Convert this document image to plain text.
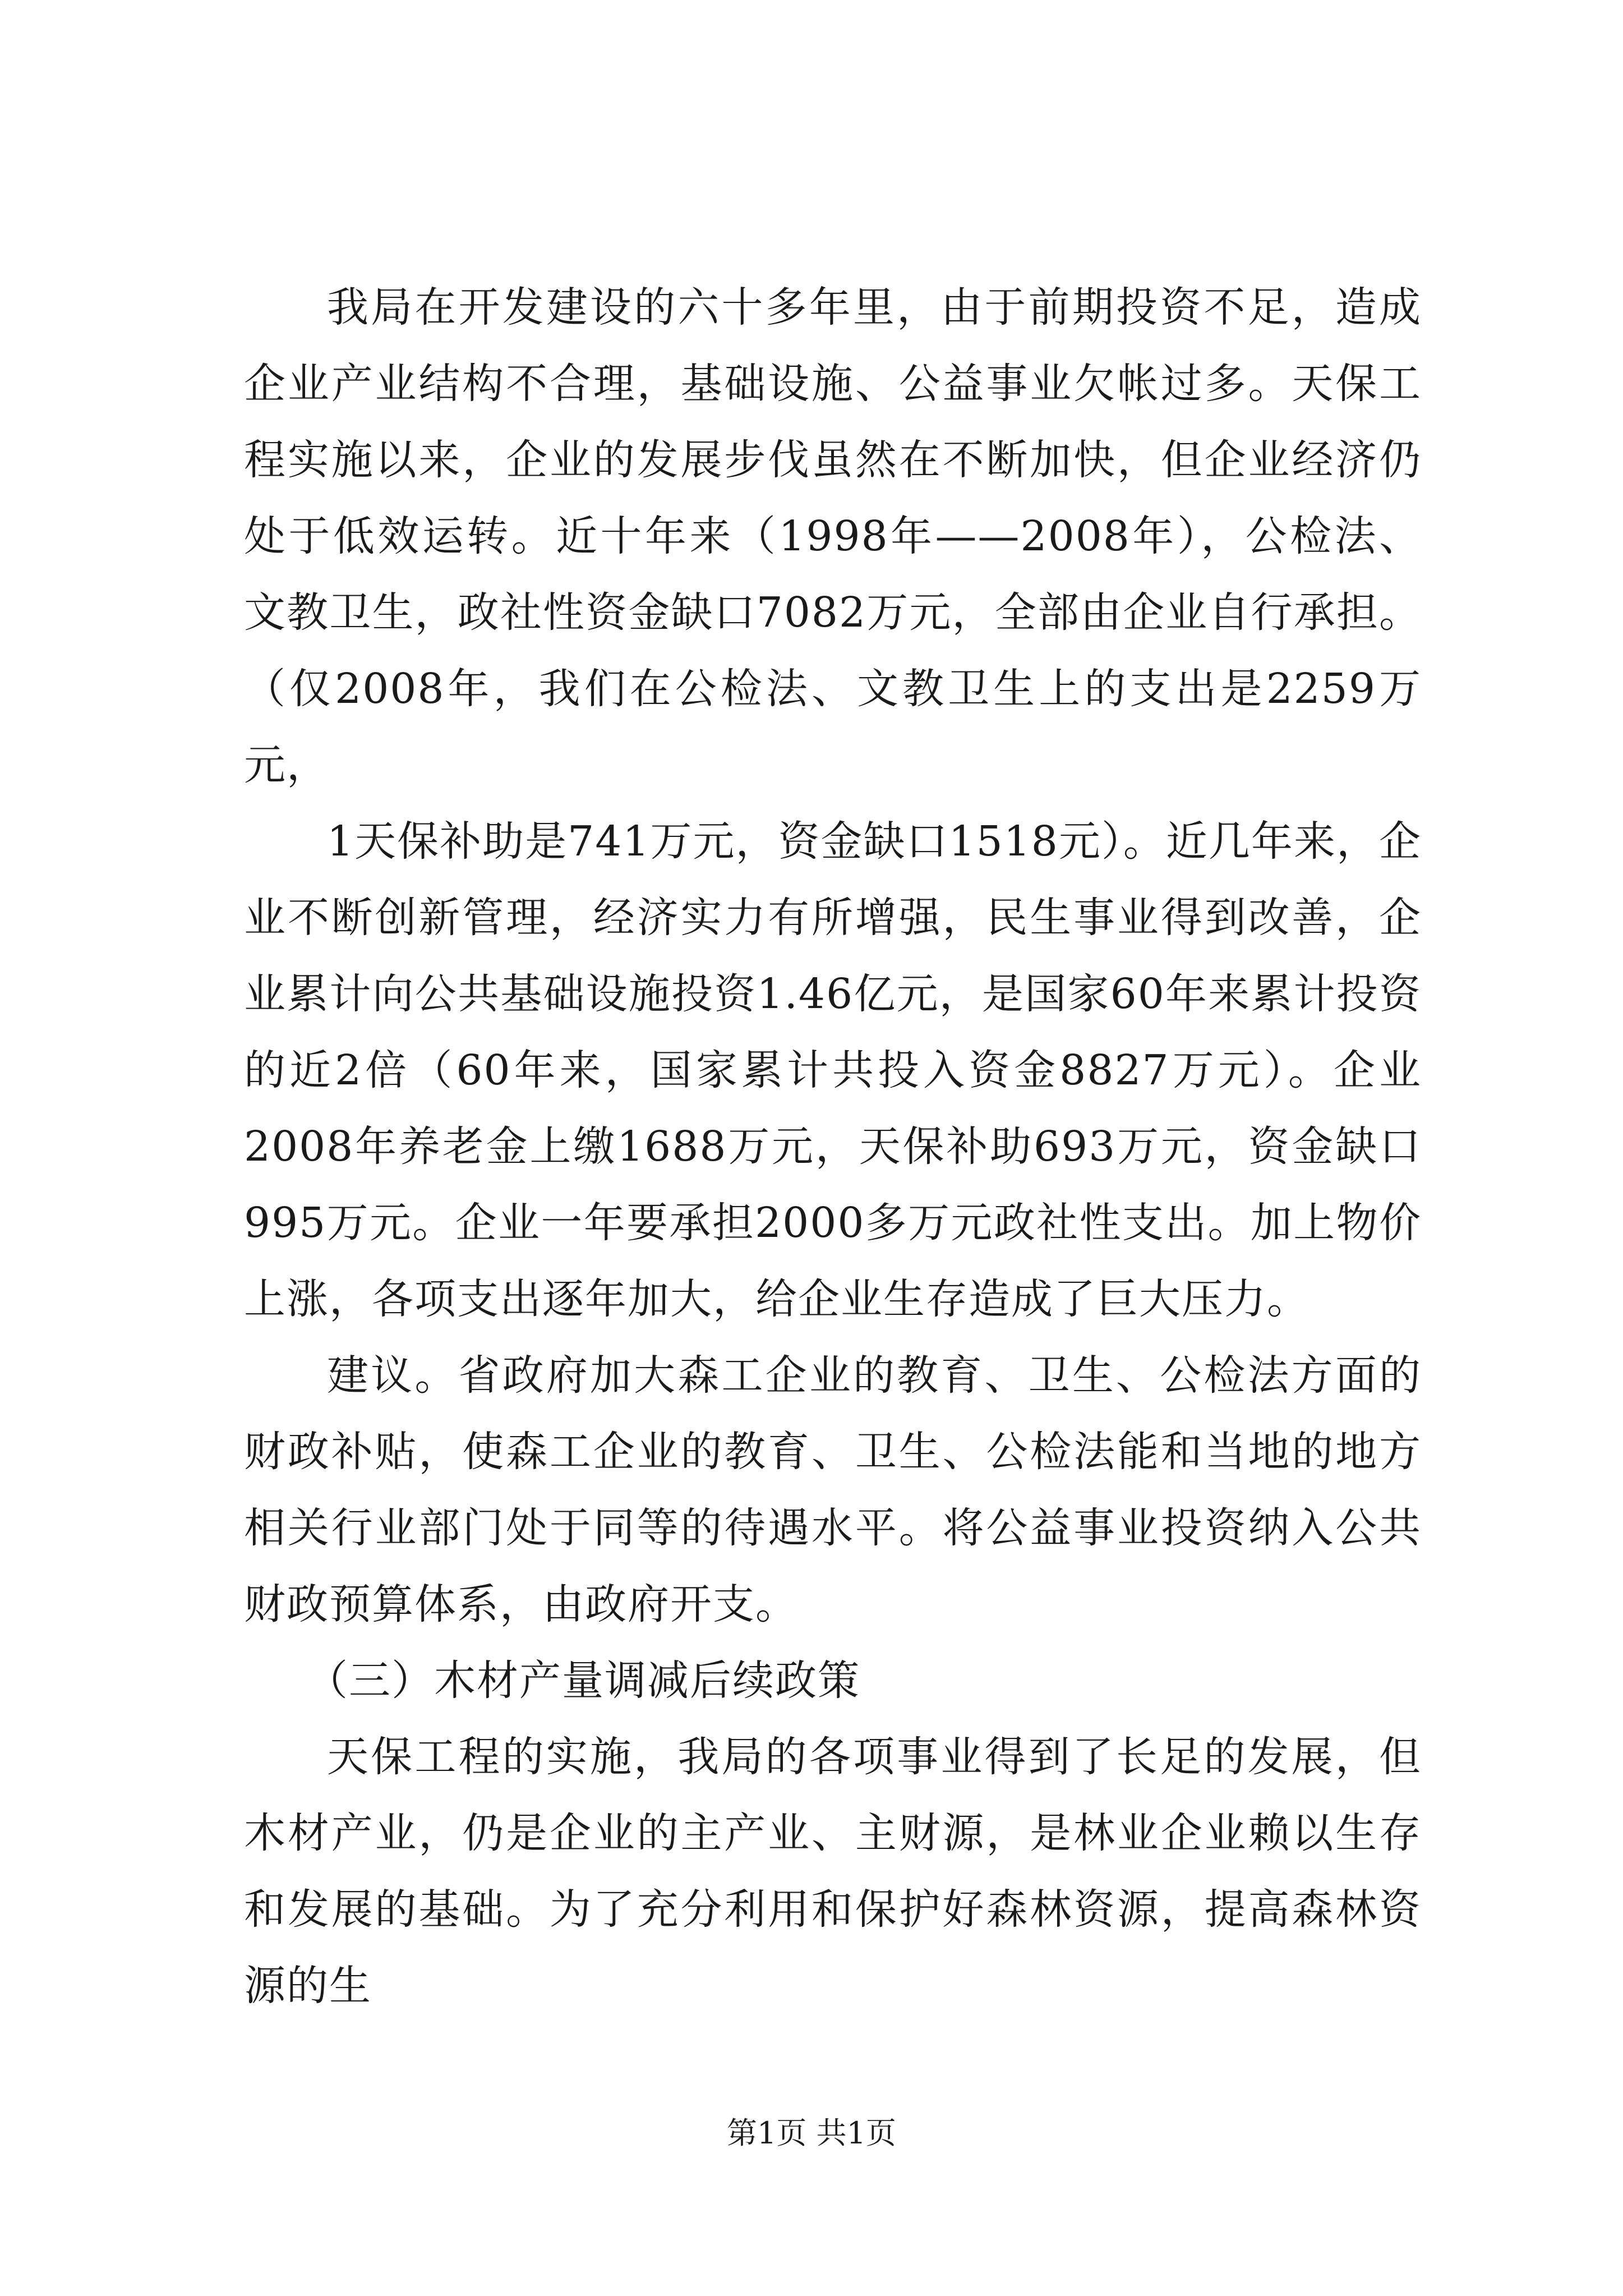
我局在开发建设的六十多年里，由于前期投资不足，造成企业产业结构不合理，基础设施、公益事业欠帐过多。天保工程实施以来，企业的发展步伐虽然在不断加快，但企业经济仍处于低效运转。近十年来（1998年——2008年），公检法、文教卫生，政社性资金缺口7082万元，全部由企业自行承担。（仅2008年，我们在公检法、文教卫生上的支出是2259万元，

1天保补助是741万元，资金缺口1518元）。近几年来，企业不断创新管理，经济实力有所增强，民生事业得到改善，企业累计向公共基础设施投资1.46亿元，是国家60年来累计投资的近2倍（60年来，国家累计共投入资金8827万元）。企业2008年养老金上缴1688万元，天保补助693万元，资金缺口995万元。企业一年要承担2000多万元政社性支出。加上物价上涨，各项支出逐年加大，给企业生存造成了巨大压力。

建议。省政府加大森工企业的教育、卫生、公检法方面的财政补贴，使森工企业的教育、卫生、公检法能和当地的地方相关行业部门处于同等的待遇水平。将公益事业投资纳入公共财政预算体系，由政府开支。

（三）木材产量调减后续政策

天保工程的实施，我局的各项事业得到了长足的发展，但木材产业，仍是企业的主产业、主财源，是林业企业赖以生存和发展的基础。为了充分利用和保护好森林资源，提高森林资源的生

第1页 共1页
